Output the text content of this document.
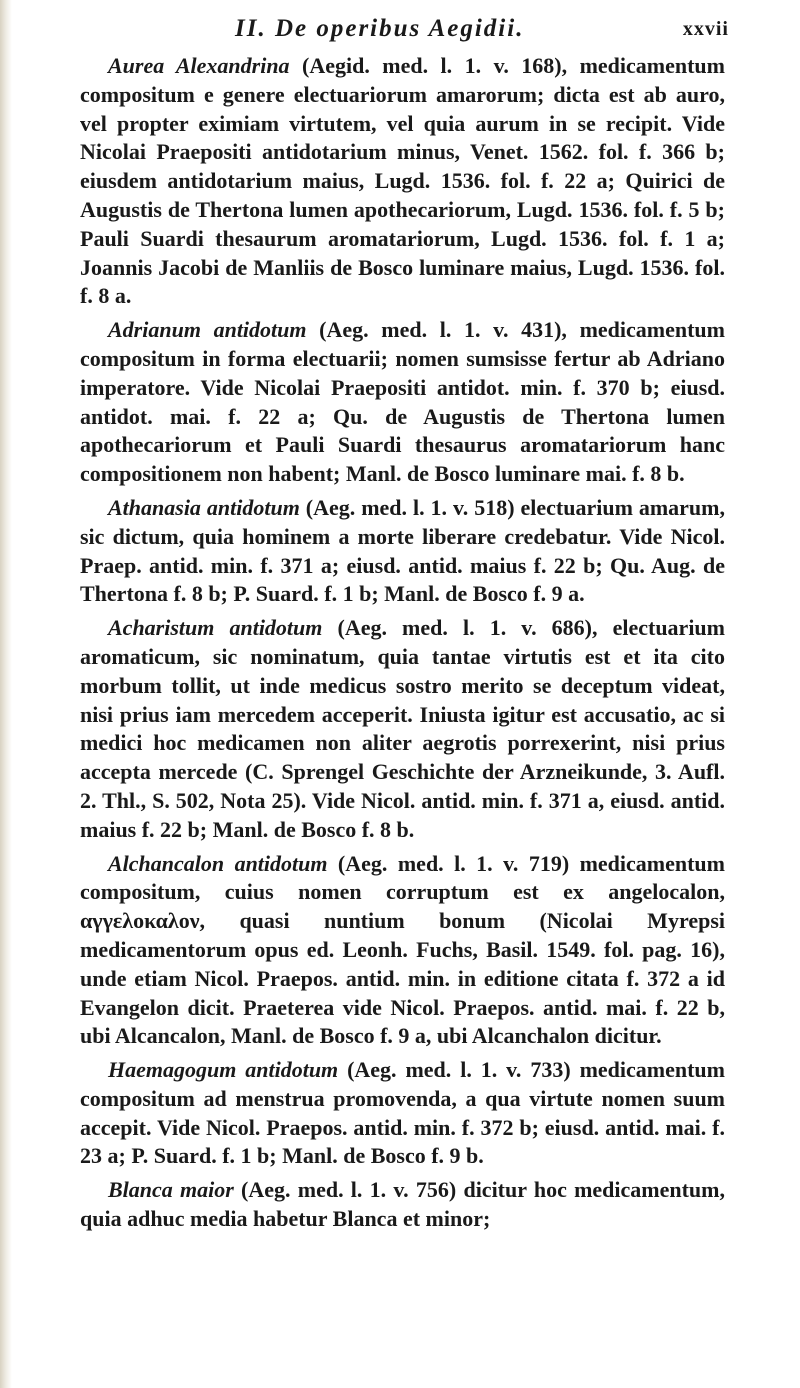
II. De operibus Aegidii.	xxvii

Aurea Alexandrina (Aegid. med. l. 1. v. 168), medicamentum compositum e genere electuariorum amarorum; dicta est ab auro, vel propter eximiam virtutem, vel quia aurum in se recipit. Vide Nicolai Praepositi antidotarium minus, Venet. 1562. fol. f. 366 b; eiusdem antidotarium maius, Lugd. 1536. fol. f. 22 a; Quirici de Augustis de Thertona lumen apothecariorum, Lugd. 1536. fol. f. 5 b; Pauli Suardi thesaurum aromatariorum, Lugd. 1536. fol. f. 1 a; Joannis Jacobi de Manliis de Bosco luminare maius, Lugd. 1536. fol. f. 8 a.

Adrianum antidotum (Aeg. med. l. 1. v. 431), medicamentum compositum in forma electuarii; nomen sumsisse fertur ab Adriano imperatore. Vide Nicolai Praepositi antidot. min. f. 370 b; eiusd. antidot. mai. f. 22 a; Qu. de Augustis de Thertona lumen apothecariorum et Pauli Suardi thesaurus aromatariorum hanc compositionem non habent; Manl. de Bosco luminare mai. f. 8 b.

Athanasia antidotum (Aeg. med. l. 1. v. 518) electuarium amarum, sic dictum, quia hominem a morte liberare credebatur. Vide Nicol. Praep. antid. min. f. 371 a; eiusd. antid. maius f. 22 b; Qu. Aug. de Thertona f. 8 b; P. Suard. f. 1 b; Manl. de Bosco f. 9 a.

Acharistum antidotum (Aeg. med. l. 1. v. 686), electuarium aromaticum, sic nominatum, quia tantae virtutis est et ita cito morbum tollit, ut inde medicus sostro merito se deceptum videat, nisi prius iam mercedem acceperit. Iniusta igitur est accusatio, ac si medici hoc medicamen non aliter aegrotis porrexerint, nisi prius accepta mercede (C. Sprengel Geschichte der Arzneikunde, 3. Aufl. 2. Thl., S. 502, Nota 25). Vide Nicol. antid. min. f. 371 a, eiusd. antid. maius f. 22 b; Manl. de Bosco f. 8 b.

Alchancalon antidotum (Aeg. med. l. 1. v. 719) medicamentum compositum, cuius nomen corruptum est ex angelocalon, αγγελοκαλον, quasi nuntium bonum (Nicolai Myrepsi medicamentorum opus ed. Leonh. Fuchs, Basil. 1549. fol. pag. 16), unde etiam Nicol. Praepos. antid. min. in editione citata f. 372 a id Evangelon dicit. Praeterea vide Nicol. Praepos. antid. mai. f. 22 b, ubi Alcancalon, Manl. de Bosco f. 9 a, ubi Alcanchalon dicitur.

Haemagogum antidotum (Aeg. med. l. 1. v. 733) medicamentum compositum ad menstrua promovenda, a qua virtute nomen suum accepit. Vide Nicol. Praepos. antid. min. f. 372 b; eiusd. antid. mai. f. 23 a; P. Suard. f. 1 b; Manl. de Bosco f. 9 b.

Blanca maior (Aeg. med. l. 1. v. 756) dicitur hoc medicamentum, quia adhuc media habetur Blanca et minor;
